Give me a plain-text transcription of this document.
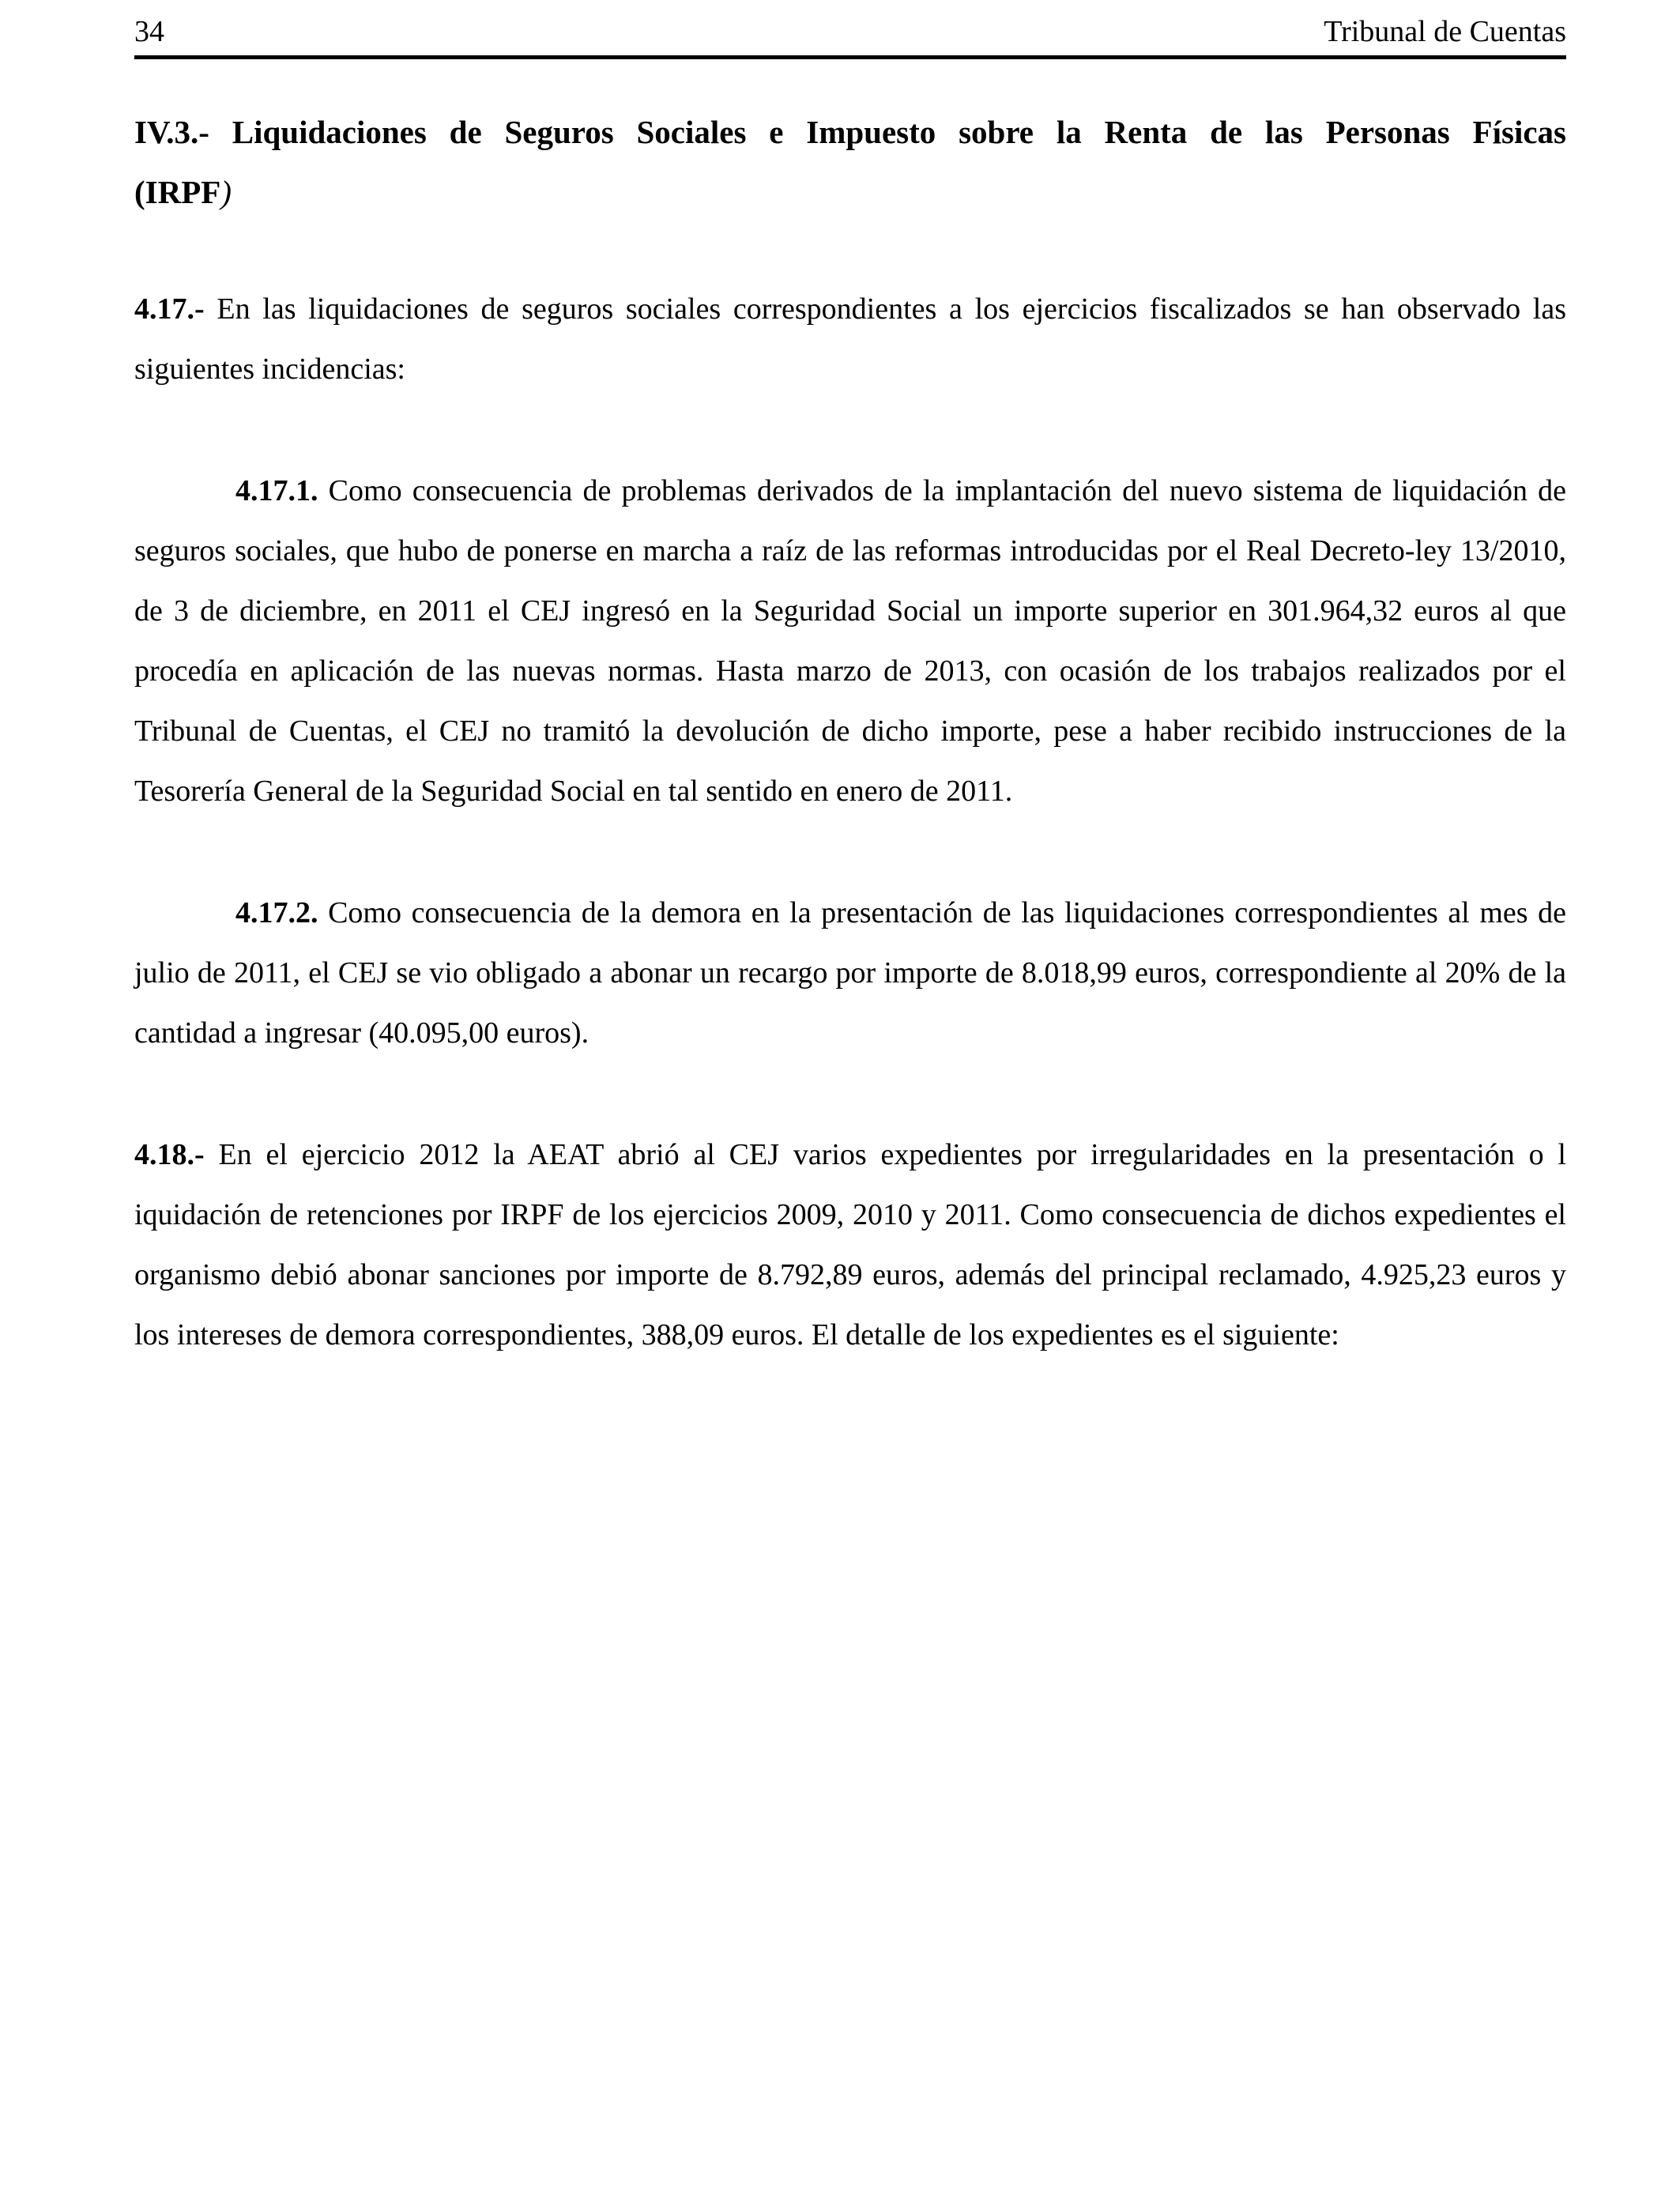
34	Tribunal de Cuentas
IV.3.- Liquidaciones de Seguros Sociales e Impuesto sobre la Renta de las Personas Físicas
(IRPF)

4.17.- En las liquidaciones de seguros sociales correspondientes a los ejercicios fiscalizados se han observado las siguientes incidencias:

4.17.1. Como consecuencia de problemas derivados de la implantación del nuevo sistema de liquidación de seguros sociales, que hubo de ponerse en marcha a raíz de las reformas introducidas por el Real Decreto-ley 13/2010, de 3 de diciembre, en 2011 el CEJ ingresó en la Seguridad Social un importe superior en 301.964,32 euros al que procedía en aplicación de las nuevas normas. Hasta marzo de 2013, con ocasión de los trabajos realizados por el Tribunal de Cuentas, el CEJ no tramitó la devolución de dicho importe, pese a haber recibido instrucciones de la Tesorería General de la Seguridad Social en tal sentido en enero de 2011.

4.17.2. Como consecuencia de la demora en la presentación de las liquidaciones correspondientes al mes de julio de 2011, el CEJ se vio obligado a abonar un recargo por importe de 8.018,99 euros, correspondiente al 20% de la cantidad a ingresar (40.095,00 euros).

4.18.- En el ejercicio 2012 la AEAT abrió al CEJ varios expedientes por irregularidades en la presentación o l iquidación de retenciones por IRPF de los ejercicios 2009, 2010 y 2011. Como consecuencia de dichos expedientes el organismo debió abonar sanciones por importe de 8.792,89 euros, además del principal reclamado, 4.925,23 euros y los intereses de demora correspondientes, 388,09 euros. El detalle de los expedientes es el siguiente:
